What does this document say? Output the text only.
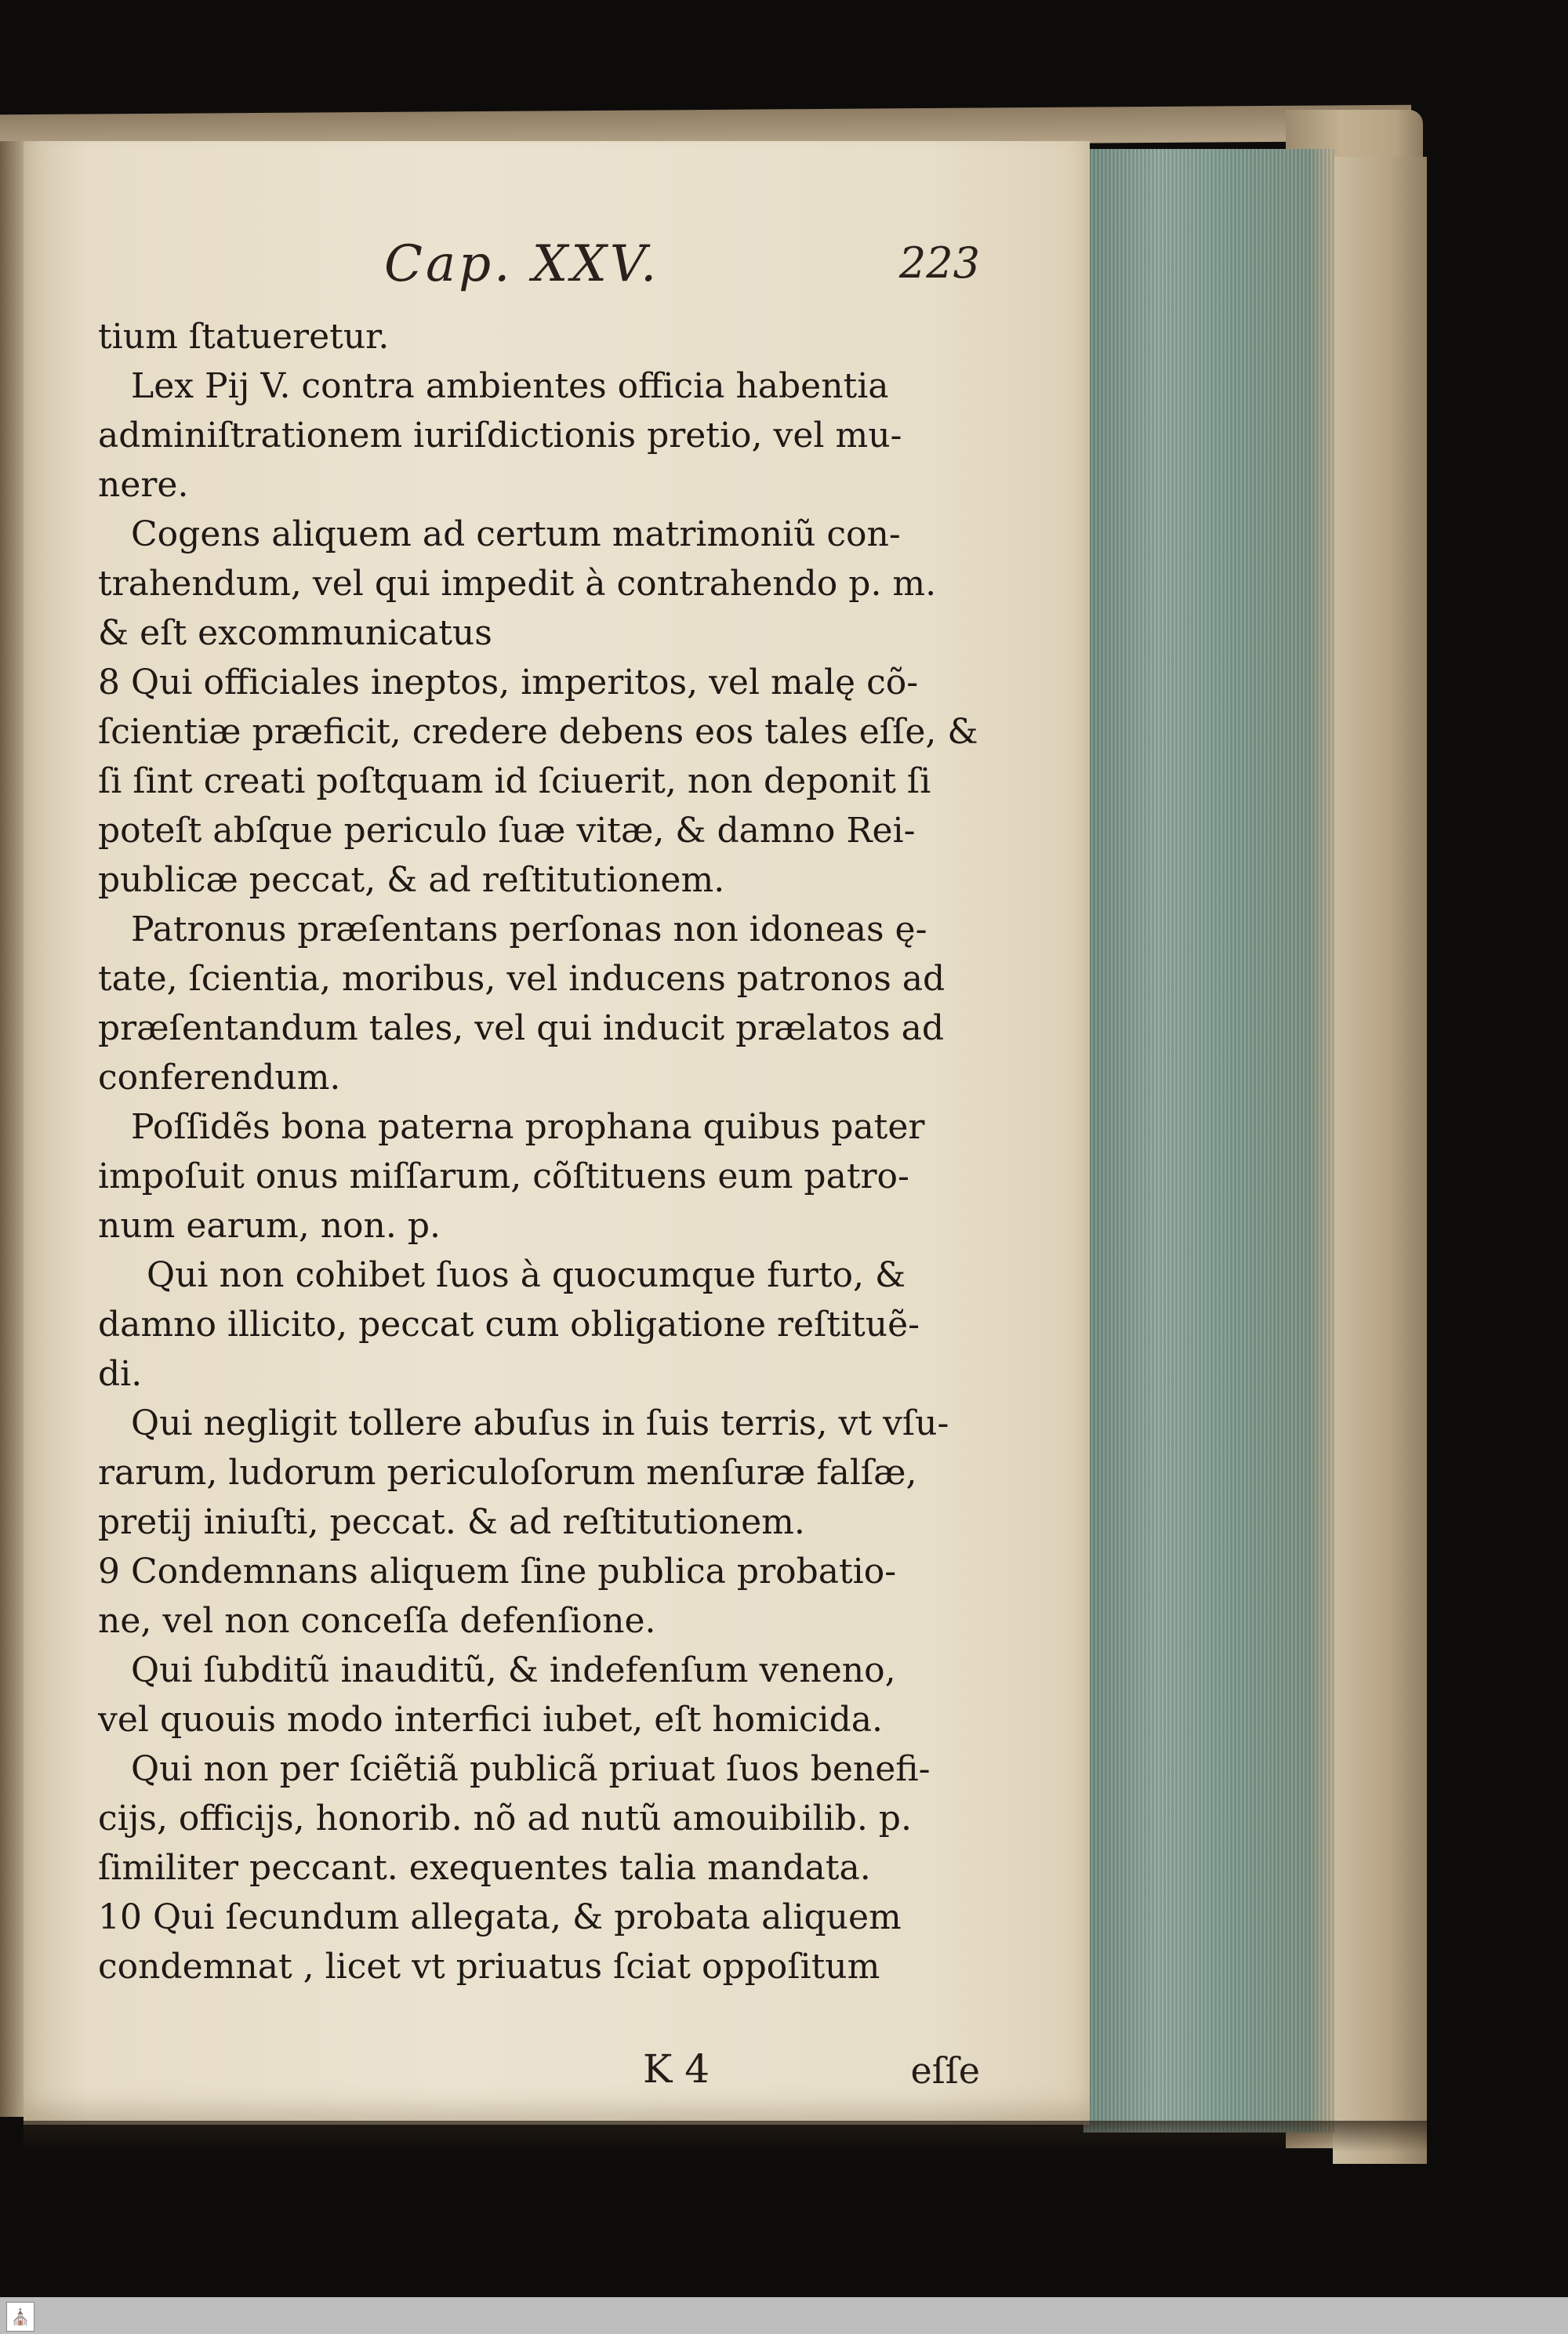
Cap. XXV.	223
tium ſtatueretur.
Lex Pij V. contra ambientes officia habentia
adminiſtrationem iuriſdictionis pretio, vel mu-
nere.
Cogens aliquem ad certum matrimoniũ con-
trahendum, vel qui impedit à contrahendo p. m.
& eſt excommunicatus
8 Qui officiales ineptos, imperitos, vel malę cõ-
ſcientiæ præficit, credere debens eos tales eſſe, &
ſi ſint creati poſtquam id ſciuerit, non deponit ſi
poteſt abſque periculo ſuæ vitæ, & damno Rei-
publicæ peccat, & ad reſtitutionem.
Patronus præſentans perſonas non idoneas ę-
tate, ſcientia, moribus, vel inducens patronos ad
præſentandum tales, vel qui inducit prælatos ad
conferendum.
Poſſidẽs bona paterna prophana quibus pater
impoſuit onus miſſarum, cõſtituens eum patro-
num earum, non. p.
Qui non cohibet ſuos à quocumque furto, &
damno illicito, peccat cum obligatione reſtituẽ-
di.
Qui negligit tollere abuſus in ſuis terris, vt vſu-
rarum, ludorum periculoſorum menſuræ falſæ,
pretij iniuſti, peccat. & ad reſtitutionem.
9 Condemnans aliquem ſine publica probatio-
ne, vel non conceſſa defenſione.
Qui ſubditũ inauditũ, & indefenſum veneno,
vel quouis modo interfici iubet, eſt homicida.
Qui non per ſciẽtiã publicã priuat ſuos benefi-
cijs, officijs, honorib. nõ ad nutũ amouibilib. p.
ſimiliter peccant. exequentes talia mandata.
10 Qui ſecundum allegata, & probata aliquem
condemnat , licet vt priuatus ſciat oppoſitum
K 4	eſſe
⛪
